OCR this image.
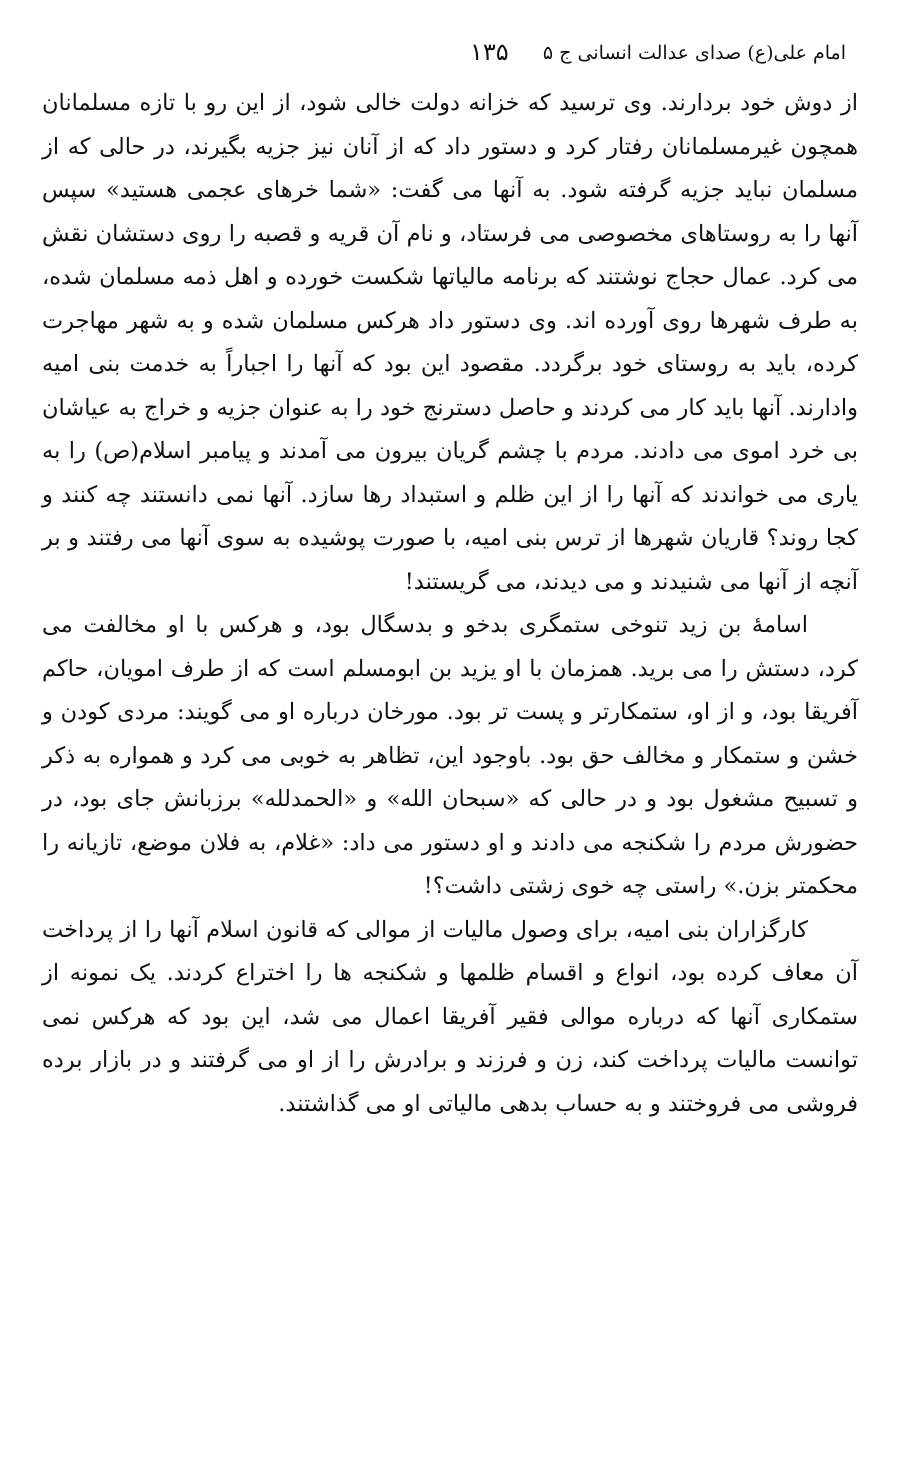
امام علی(ع) صدای عدالت انسانی ج ۵
۱۳۵

از دوش خود بردارند. وی ترسید که خزانه دولت خالی شود، از این رو با تازه مسلمانان همچون غیرمسلمانان رفتار کرد و دستور داد که از آنان نیز جزیه بگیرند، در حالی که از مسلمان نباید جزیه گرفته شود. به آنها می گفت: «شما خرهای عجمی هستید» سپس آنها را به روستاهای مخصوصی می فرستاد، و نام آن قریه و قصبه را روی دستشان نقش می کرد. عمال حجاج نوشتند که برنامه مالیاتها شکست خورده و اهل ذمه مسلمان شده، به طرف شهرها روی آورده اند. وی دستور داد هرکس مسلمان شده و به شهر مهاجرت کرده، باید به روستای خود برگردد. مقصود این بود که آنها را اجباراً به خدمت بنی امیه وادارند. آنها باید کار می کردند و حاصل دسترنج خود را به عنوان جزیه و خراج به عیاشان بی خرد اموی می دادند. مردم با چشم گریان بیرون می آمدند و پیامبر اسلام(ص) را به یاری می خواندند که آنها را از این ظلم و استبداد رها سازد. آنها نمی دانستند چه کنند و کجا روند؟ قاریان شهرها از ترس بنی امیه، با صورت پوشیده به سوی آنها می رفتند و بر آنچه از آنها می شنیدند و می دیدند، می گریستند!

اسامهٔ بن زید تنوخی ستمگری بدخو و بدسگال بود، و هرکس با او مخالفت می کرد، دستش را می برید. همزمان با او یزید بن ابومسلم است که از طرف امویان، حاکم آفریقا بود، و از او، ستمکارتر و پست تر بود. مورخان درباره او می گویند: مردی کودن و خشن و ستمکار و مخالف حق بود. باوجود این، تظاهر به خوبی می کرد و همواره به ذکر و تسبیح مشغول بود و در حالی که «سبحان الله» و «الحمدلله» برزبانش جای بود، در حضورش مردم را شکنجه می دادند و او دستور می داد: «غلام، به فلان موضع، تازیانه را محکمتر بزن.» راستی چه خوی زشتی داشت؟!

کارگزاران بنی امیه، برای وصول مالیات از موالی که قانون اسلام آنها را از پرداخت آن معاف کرده بود، انواع و اقسام ظلمها و شکنجه ها را اختراع کردند. یک نمونه از ستمکاری آنها که درباره موالی فقیر آفریقا اعمال می شد، این بود که هرکس نمی توانست مالیات پرداخت کند، زن و فرزند و برادرش را از او می گرفتند و در بازار برده فروشی می فروختند و به حساب بدهی مالیاتی او می گذاشتند.
